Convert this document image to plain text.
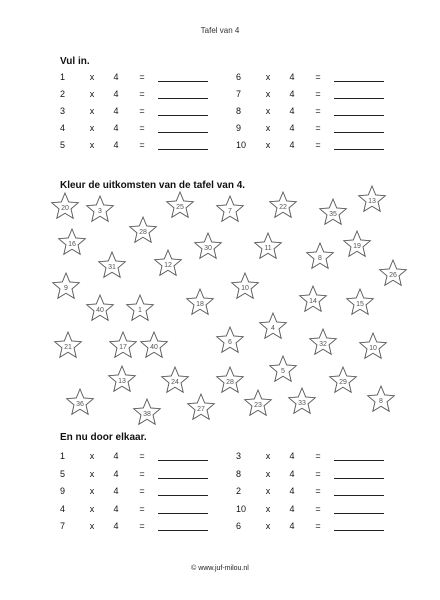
Tafel van 4
Vul in.
1	x 4 =
2	x 4 =
3	x 4 =
4	x 4 =
5	x 4 =
6	x 4 =
7	x 4 =
8	x 4 =
9	x 4 =
10	x 4 =
Kleur de uitkomsten van de tafel van 4.
20	3
28
25
7
22
35
13
16
30	11
8
19
31	12
9	10
26
40	1
18	14	15
4
21	17	40
6	32
10
5
13	24	28	29
36
38
27
23	33	8
En nu door elkaar.
1	x 4 =
5	x 4 =
9	x 4 =
4	x 4 =
7	x 4 =
3	x 4 =
8	x 4 =
2	x 4 =
10	x 4 =
6	x 4 =
© www.juf-milou.nl
